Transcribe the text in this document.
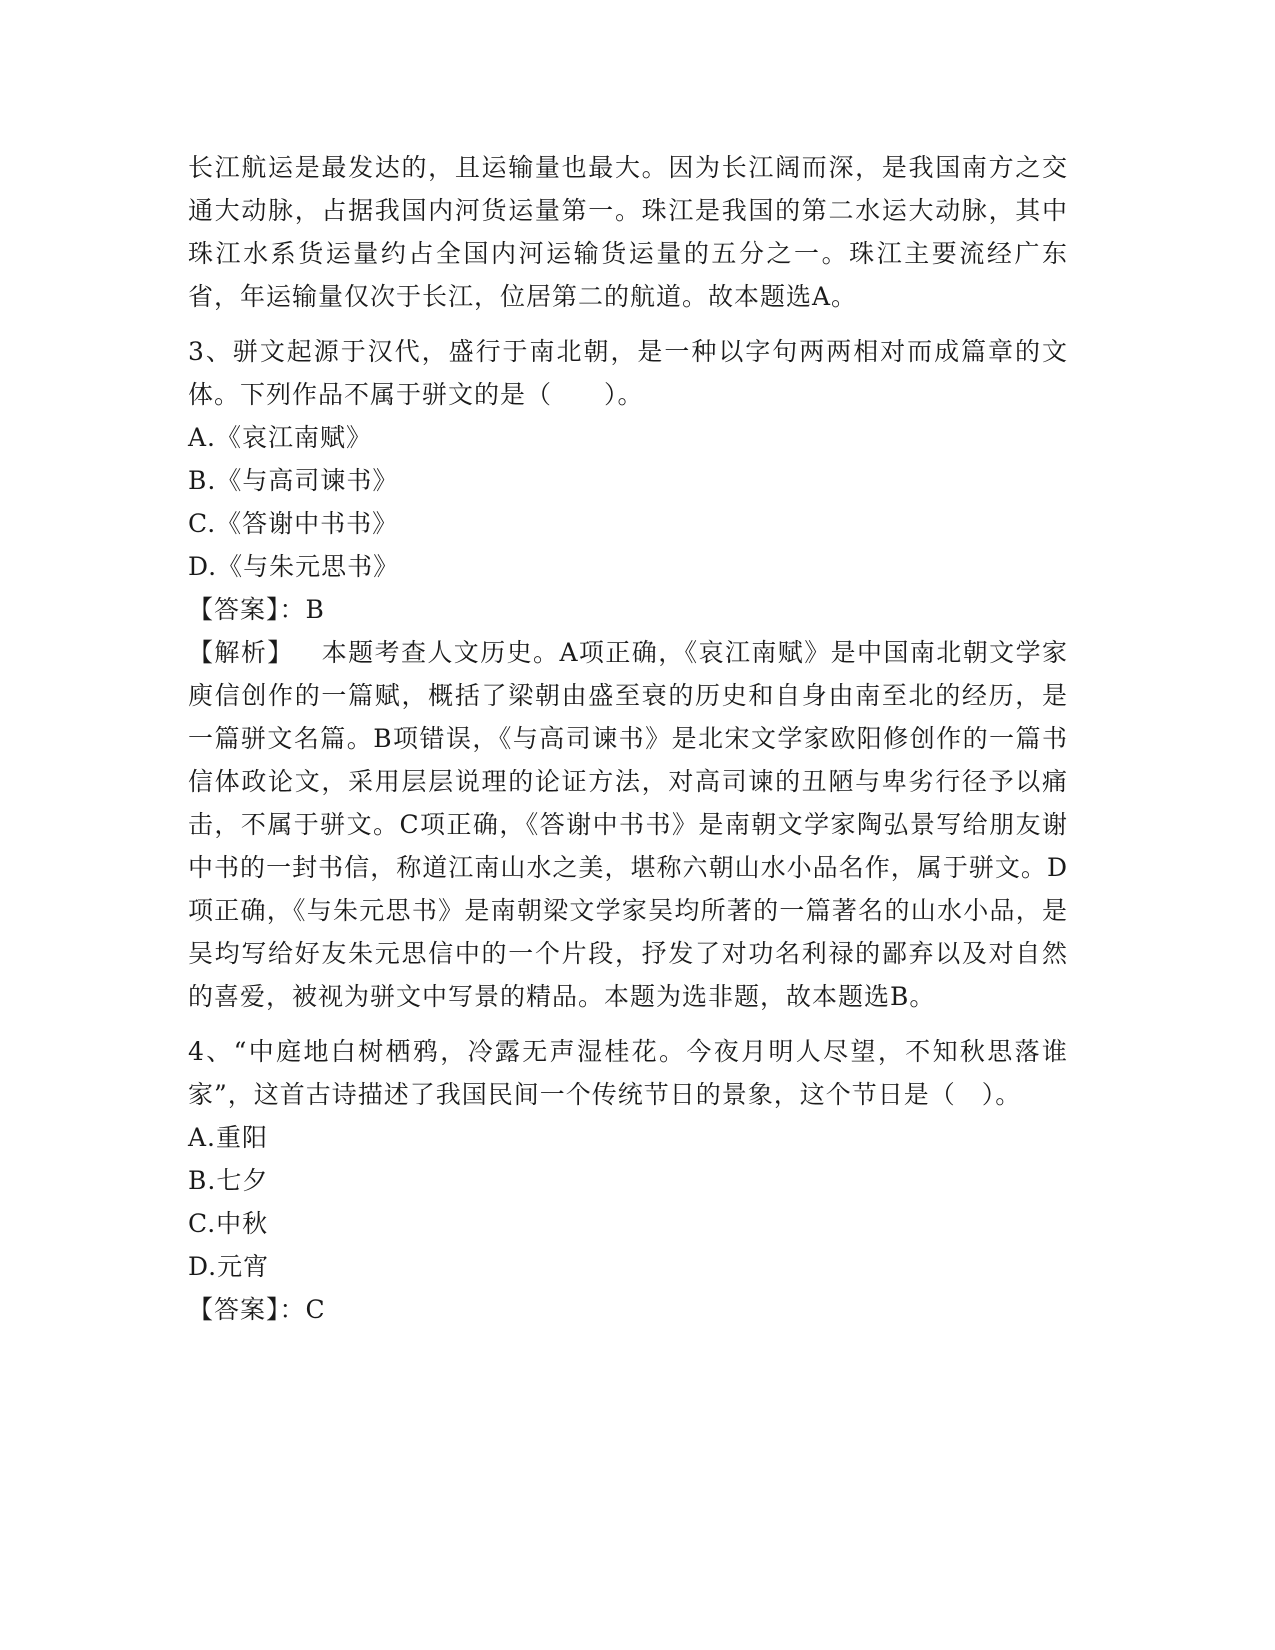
长江航运是最发达的，且运输量也最大。因为长江阔而深，是我国南方之交通大动脉，占据我国内河货运量第一。珠江是我国的第二水运大动脉，其中珠江水系货运量约占全国内河运输货运量的五分之一。珠江主要流经广东省，年运输量仅次于长江，位居第二的航道。故本题选A。

3、骈文起源于汉代，盛行于南北朝，是一种以字句两两相对而成篇章的文体。下列作品不属于骈文的是（　　）。

A.《哀江南赋》

B.《与高司谏书》

C.《答谢中书书》

D.《与朱元思书》

【答案】：B

【解析】 本题考查人文历史。A项正确，《哀江南赋》是中国南北朝文学家庾信创作的一篇赋，概括了梁朝由盛至衰的历史和自身由南至北的经历，是一篇骈文名篇。B项错误，《与高司谏书》是北宋文学家欧阳修创作的一篇书信体政论文，采用层层说理的论证方法，对高司谏的丑陋与卑劣行径予以痛击，不属于骈文。C项正确，《答谢中书书》是南朝文学家陶弘景写给朋友谢中书的一封书信，称道江南山水之美，堪称六朝山水小品名作，属于骈文。D项正确，《与朱元思书》是南朝梁文学家吴均所著的一篇著名的山水小品，是吴均写给好友朱元思信中的一个片段，抒发了对功名利禄的鄙弃以及对自然的喜爱，被视为骈文中写景的精品。本题为选非题，故本题选B。

4、“中庭地白树栖鸦，冷露无声湿桂花。今夜月明人尽望，不知秋思落谁家”，这首古诗描述了我国民间一个传统节日的景象，这个节日是（　）。

A.重阳

B.七夕

C.中秋

D.元宵

【答案】：C
